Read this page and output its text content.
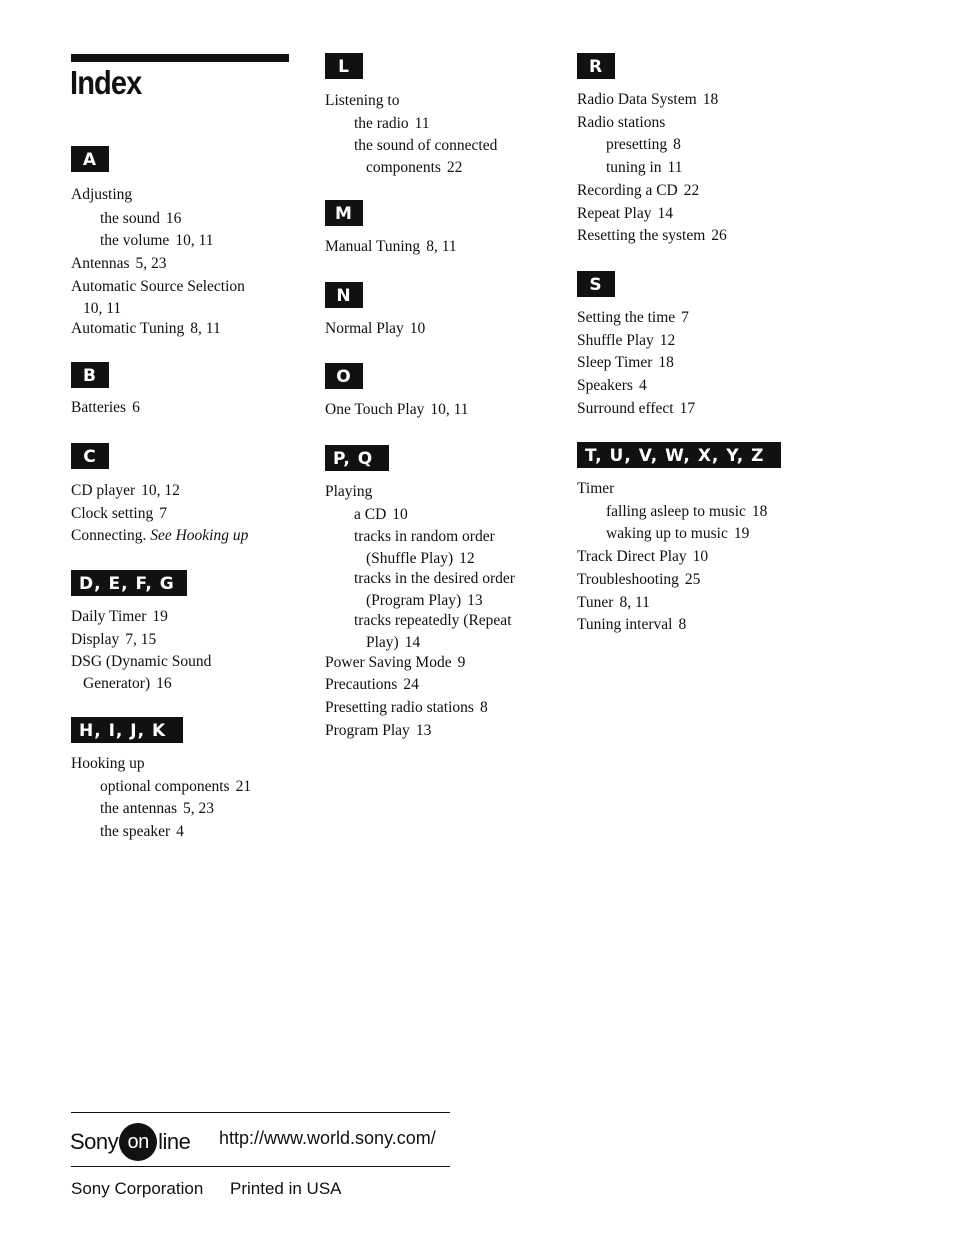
Index
A
Adjusting
the sound 16
the volume 10, 11
Antennas 5, 23
Automatic Source Selection
10, 11
Automatic Tuning 8, 11
B
Batteries 6
C
CD player 10, 12
Clock setting 7
Connecting. See Hooking up
D, E, F, G
Daily Timer 19
Display 7, 15
DSG (Dynamic Sound
Generator) 16
H, I, J, K
Hooking up
optional components 21
the antennas 5, 23
the speaker 4
L
Listening to
the radio 11
the sound of connected
components 22
M
Manual Tuning 8, 11
N
Normal Play 10
O
One Touch Play 10, 11
P, Q
Playing
a CD 10
tracks in random order
(Shuffle Play) 12
tracks in the desired order
(Program Play) 13
tracks repeatedly (Repeat
Play) 14
Power Saving Mode 9
Precautions 24
Presetting radio stations 8
Program Play 13
R
Radio Data System 18
Radio stations
presetting 8
tuning in 11
Recording a CD 22
Repeat Play 14
Resetting the system 26
S
Setting the time 7
Shuffle Play 12
Sleep Timer 18
Speakers 4
Surround effect 17
T, U, V, W, X, Y, Z
Timer
falling asleep to music 18
waking up to music 19
Track Direct Play 10
Troubleshooting 25
Tuner 8, 11
Tuning interval 8
Sony on line http://www.world.sony.com/
Sony Corporation Printed in USA
